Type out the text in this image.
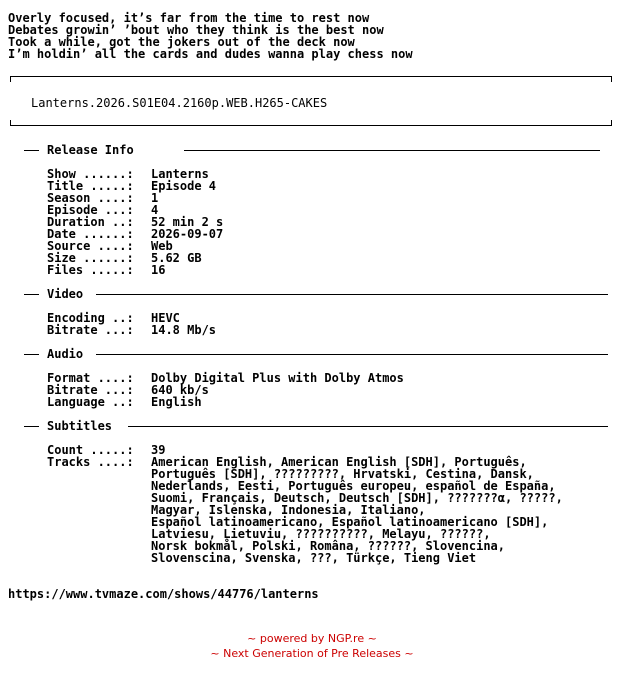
Overly focused, it’s far from the time to rest now
Debates growin’ ’bout who they think is the best now
Took a while, got the jokers out of the deck now
I’m holdin’ all the cards and dudes wanna play chess now
Lanterns.2026.S01E04.2160p.WEB.H265-CAKES
Release Info
Show ......: Lanterns
Title .....: Episode 4
Season ....: 1
Episode ...: 4
Duration ..: 52 min 2 s
Date ......: 2026-09-07
Source ....: Web
Size ......: 5.62 GB
Files .....: 16
Video
Encoding ..: HEVC
Bitrate ...: 14.8 Mb/s
Audio
Format ....: Dolby Digital Plus with Dolby Atmos
Bitrate ...: 640 kb/s
Language ..: English
Subtitles
Count .....: 39
Tracks ....: American English, American English [SDH], Português,
Português [SDH], ?????????, Hrvatski, Cestina, Dansk,
Nederlands, Eesti, Português europeu, español de España,
Suomi, Français, Deutsch, Deutsch [SDH], ???????α, ?????,
Magyar, Islenska, Indonesia, Italiano,
Español latinoamericano, Español latinoamericano [SDH],
Latviesu, Lietuviu, ??????????, Melayu, ??????,
Norsk bokmål, Polski, Româna, ??????, Slovencina,
Slovenscina, Svenska, ???, Türkçe, Tieng Viet
https://www.tvmaze.com/shows/44776/lanterns
~ powered by NGP.re ~
~ Next Generation of Pre Releases ~
